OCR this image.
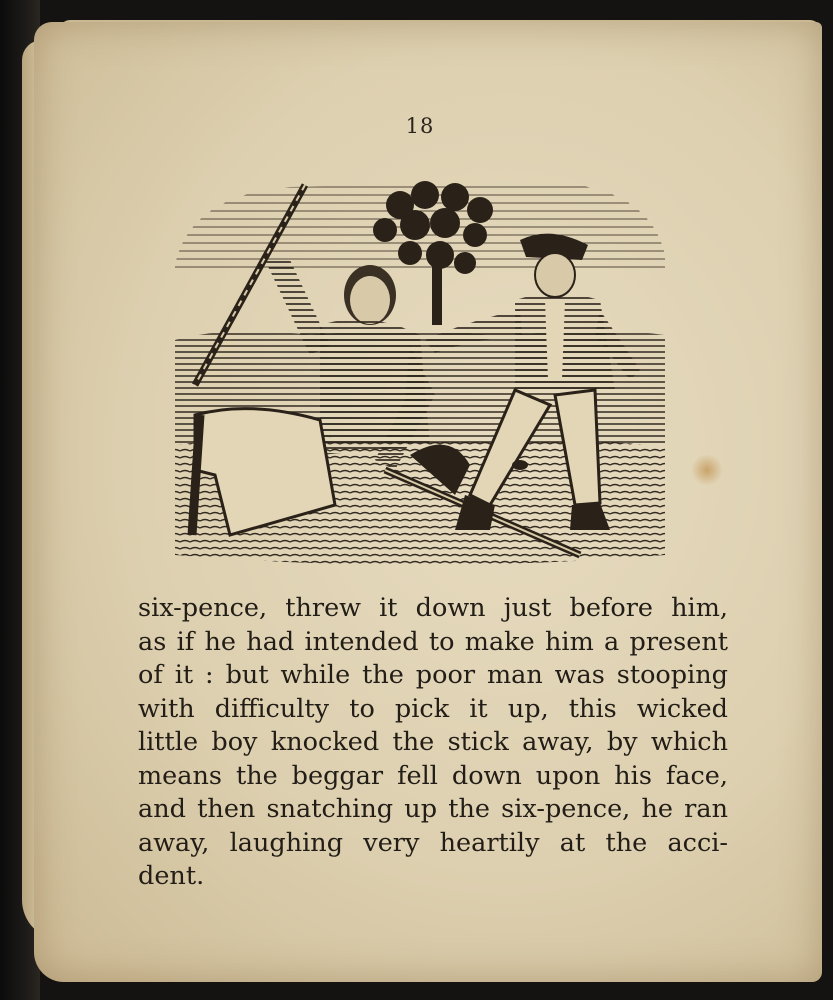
18
six-pence, threw it down just before him,
as if he had intended to make him a present
of it : but while the poor man was stooping
with difficulty to pick it up, this wicked
little boy knocked the stick away, by which
means the beggar fell down upon his face,
and then snatching up the six-pence, he ran
away, laughing very heartily at the acci-
dent.
